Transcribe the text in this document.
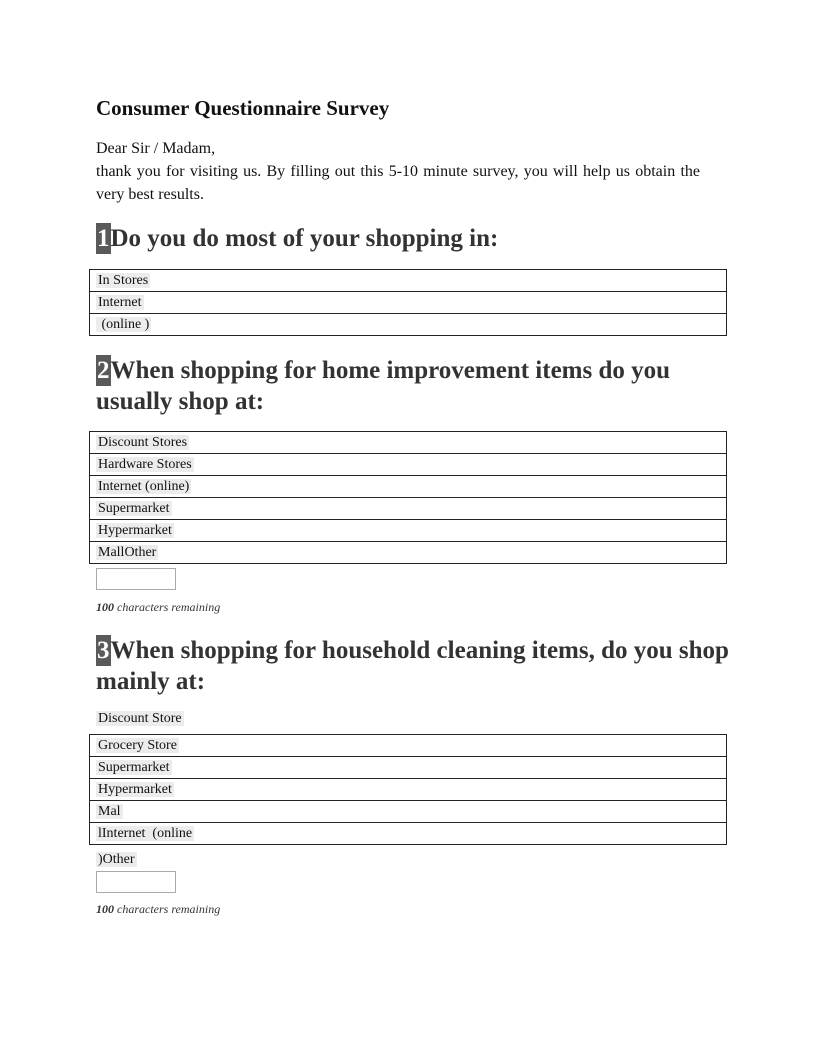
Consumer Questionnaire Survey

Dear Sir / Madam,

thank you for visiting us. By filling out this 5-10 minute survey, you will help us obtain the very best results.

1Do you do most of your shopping in:
In Stores
Internet
(online )
2When shopping for home improvement items do you usually shop at:
Discount Stores
Hardware Stores
Internet (online)
Supermarket
Hypermarket
MallOther

100 characters remaining

3When shopping for household cleaning items, do you shop mainly at:

Discount Store

Grocery Store
Supermarket
Hypermarket
Mal
lInternet  (online

)Other

100 characters remaining
